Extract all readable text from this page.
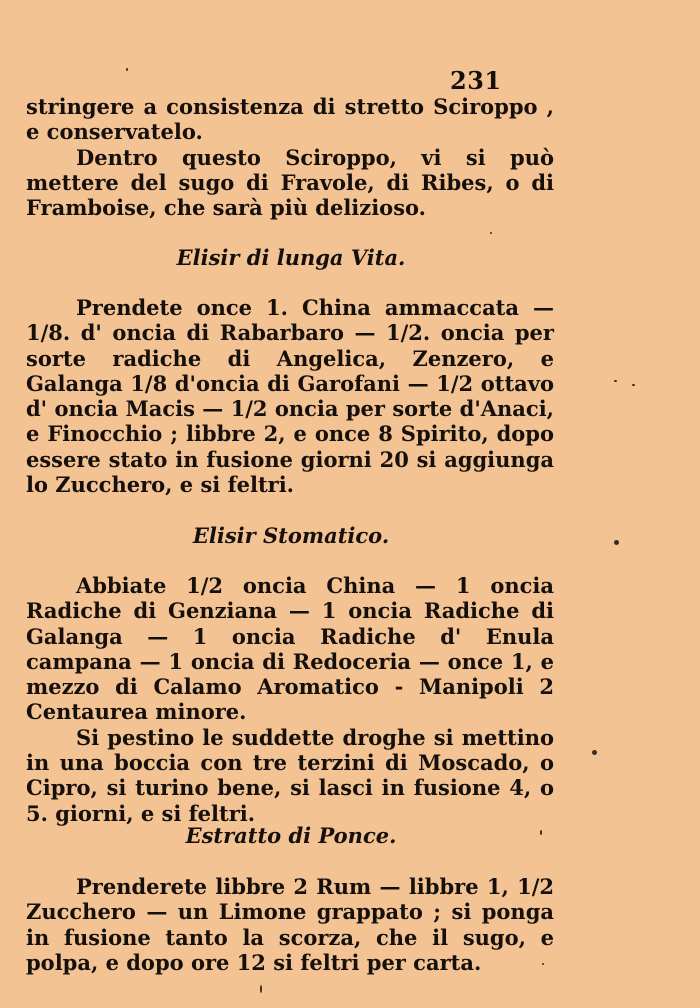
231

stringere a consistenza di stretto Sciroppo , e conservatelo.

Dentro questo Sciroppo, vi si può mettere del sugo di Fravole, di Ribes, o di Framboise, che sarà più delizioso.

Elisir di lunga Vita.

Prendete once 1. China ammaccata — 1/8. d' oncia di Rabarbaro — 1/2. oncia per sorte radiche di Angelica, Zenzero, e Galanga 1/8 d'oncia di Garofani — 1/2 ottavo d' oncia Macis — 1/2 oncia per sorte d'Anaci, e Finocchio ; libbre 2, e once 8 Spirito, dopo essere stato in fusione giorni 20 si aggiunga lo Zucchero, e si feltri.

Elisir Stomatico.

Abbiate 1/2 oncia China — 1 oncia Radiche di Genziana — 1 oncia Radiche di Galanga — 1 oncia Radiche d' Enula campana — 1 oncia di Redoceria — once 1, e mezzo di Calamo Aromatico - Manipoli 2 Centaurea minore.

Si pestino le suddette droghe si mettino in una boccia con tre terzini di Moscado, o Cipro, si turino bene, si lasci in fusione 4, o 5. giorni, e si feltri.

Estratto di Ponce.

Prenderete libbre 2 Rum — libbre 1, 1/2 Zucchero — un Limone grappato ; si ponga in fusione tanto la scorza, che il sugo, e polpa, e dopo ore 12 si feltri per carta.
